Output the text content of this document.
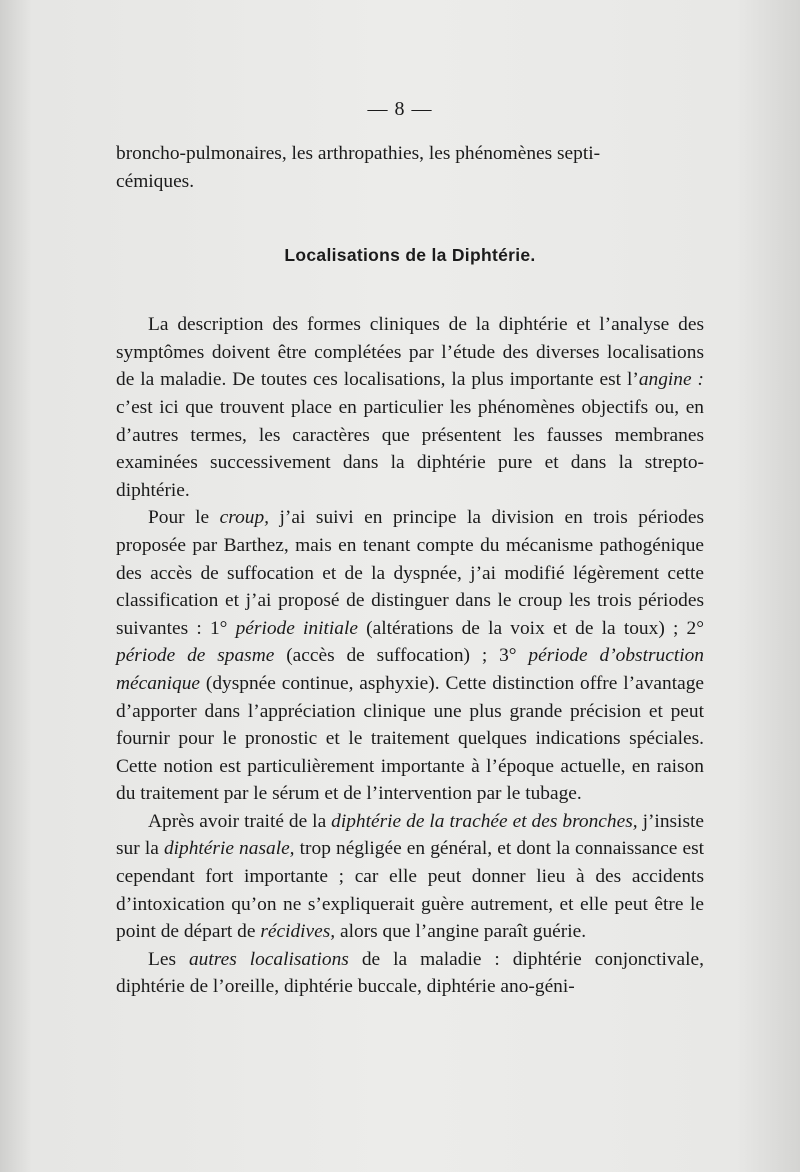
— 8 —

broncho-pulmonaires, les arthropathies, les phénomènes septi-
cémiques.

Localisations de la Diphtérie.

La description des formes cliniques de la diphtérie et l’analyse des symptômes doivent être complétées par l’étude des diverses localisations de la maladie. De toutes ces localisations, la plus importante est l’angine : c’est ici que trouvent place en particulier les phénomènes objectifs ou, en d’autres termes, les caractères que présentent les fausses membranes examinées successivement dans la diphtérie pure et dans la strepto-diphtérie.

Pour le croup, j’ai suivi en principe la division en trois périodes proposée par Barthez, mais en tenant compte du mécanisme pathogénique des accès de suffocation et de la dyspnée, j’ai modifié légèrement cette classification et j’ai proposé de distinguer dans le croup les trois périodes suivantes : 1° période initiale (altérations de la voix et de la toux) ; 2° période de spasme (accès de suffocation) ; 3° période d’obstruction mécanique (dyspnée continue, asphyxie). Cette distinction offre l’avantage d’apporter dans l’appréciation clinique une plus grande précision et peut fournir pour le pronostic et le traitement quelques indications spéciales. Cette notion est particulièrement importante à l’époque actuelle, en raison du traitement par le sérum et de l’intervention par le tubage.

Après avoir traité de la diphtérie de la trachée et des bronches, j’insiste sur la diphtérie nasale, trop négligée en général, et dont la connaissance est cependant fort importante ; car elle peut donner lieu à des accidents d’intoxication qu’on ne s’expliquerait guère autrement, et elle peut être le point de départ de récidives, alors que l’angine paraît guérie.

Les autres localisations de la maladie : diphtérie conjonctivale, diphtérie de l’oreille, diphtérie buccale, diphtérie ano-géni-
